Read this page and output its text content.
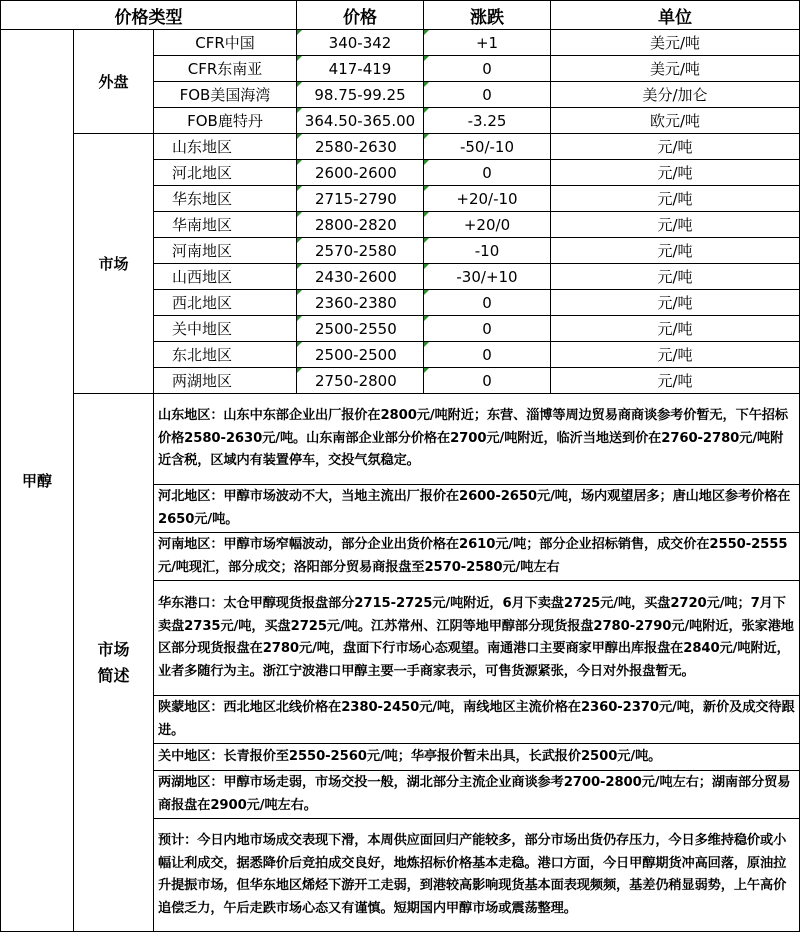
价格类型			价格	涨跌	单位
甲醇	外盘	CFR中国	340-342	+1	美元/吨
		CFR东南亚	417-419	0	美元/吨
		FOB美国海湾	98.75-99.25	0	美分/加仑
		FOB鹿特丹	364.50-365.00	-3.25	欧元/吨
	市场	山东地区	2580-2630	-50/-10	元/吨
		河北地区	2600-2600	0	元/吨
		华东地区	2715-2790	+20/-10	元/吨
		华南地区	2800-2820	+20/0	元/吨
		河南地区	2570-2580	-10	元/吨
		山西地区	2430-2600	-30/+10	元/吨
		西北地区	2360-2380	0	元/吨
		关中地区	2500-2550	0	元/吨
		东北地区	2500-2500	0	元/吨
		两湖地区	2750-2800	0	元/吨
	市场简述	山东地区：山东中东部企业出厂报价在2800元/吨附近；东营、淄博等周边贸易商商谈参考价暂无，下午招标价格2580-2630元/吨。山东南部企业部分价格在2700元/吨附近，临沂当地送到价在2760-2780元/吨附近含税，区域内有装置停车，交投气氛稳定。			
		河北地区：甲醇市场波动不大，当地主流出厂报价在2600-2650元/吨，场内观望居多；唐山地区参考价格在2650元/吨。			
		河南地区：甲醇市场窄幅波动，部分企业出货价格在2610元/吨；部分企业招标销售，成交价在2550-2555元/吨现汇，部分成交；洛阳部分贸易商报盘至2570-2580元/吨左右			
		华东港口：太仓甲醇现货报盘部分2715-2725元/吨附近，6月下卖盘2725元/吨，买盘2720元/吨；7月下卖盘2735元/吨，买盘2725元/吨。江苏常州、江阴等地甲醇部分现货报盘2780-2790元/吨附近，张家港地区部分现货报盘在2780元/吨，盘面下行市场心态观望。南通港口主要商家甲醇出库报盘在2840元/吨附近，业者多随行为主。浙江宁波港口甲醇主要一手商家表示，可售货源紧张，今日对外报盘暂无。			
		陕蒙地区：西北地区北线价格在2380-2450元/吨，南线地区主流价格在2360-2370元/吨，新价及成交待跟进。			
		关中地区：长青报价至2550-2560元/吨；华亭报价暂未出具，长武报价2500元/吨。			
		两湖地区：甲醇市场走弱，市场交投一般，湖北部分主流企业商谈参考2700-2800元/吨左右；湖南部分贸易商报盘在2900元/吨左右。			
		预计：今日内地市场成交表现下滑，本周供应面回归产能较多，部分市场出货仍存压力，今日多维持稳价或小幅让利成交，据悉降价后竞拍成交良好，地炼招标价格基本走稳。港口方面，今日甲醇期货冲高回落，原油拉升提振市场，但华东地区烯烃下游开工走弱，到港较高影响现货基本面表现频频，基差仍稍显弱势，上午高价追偿乏力，午后走跌市场心态又有谨慎。短期国内甲醇市场或震荡整理。			
